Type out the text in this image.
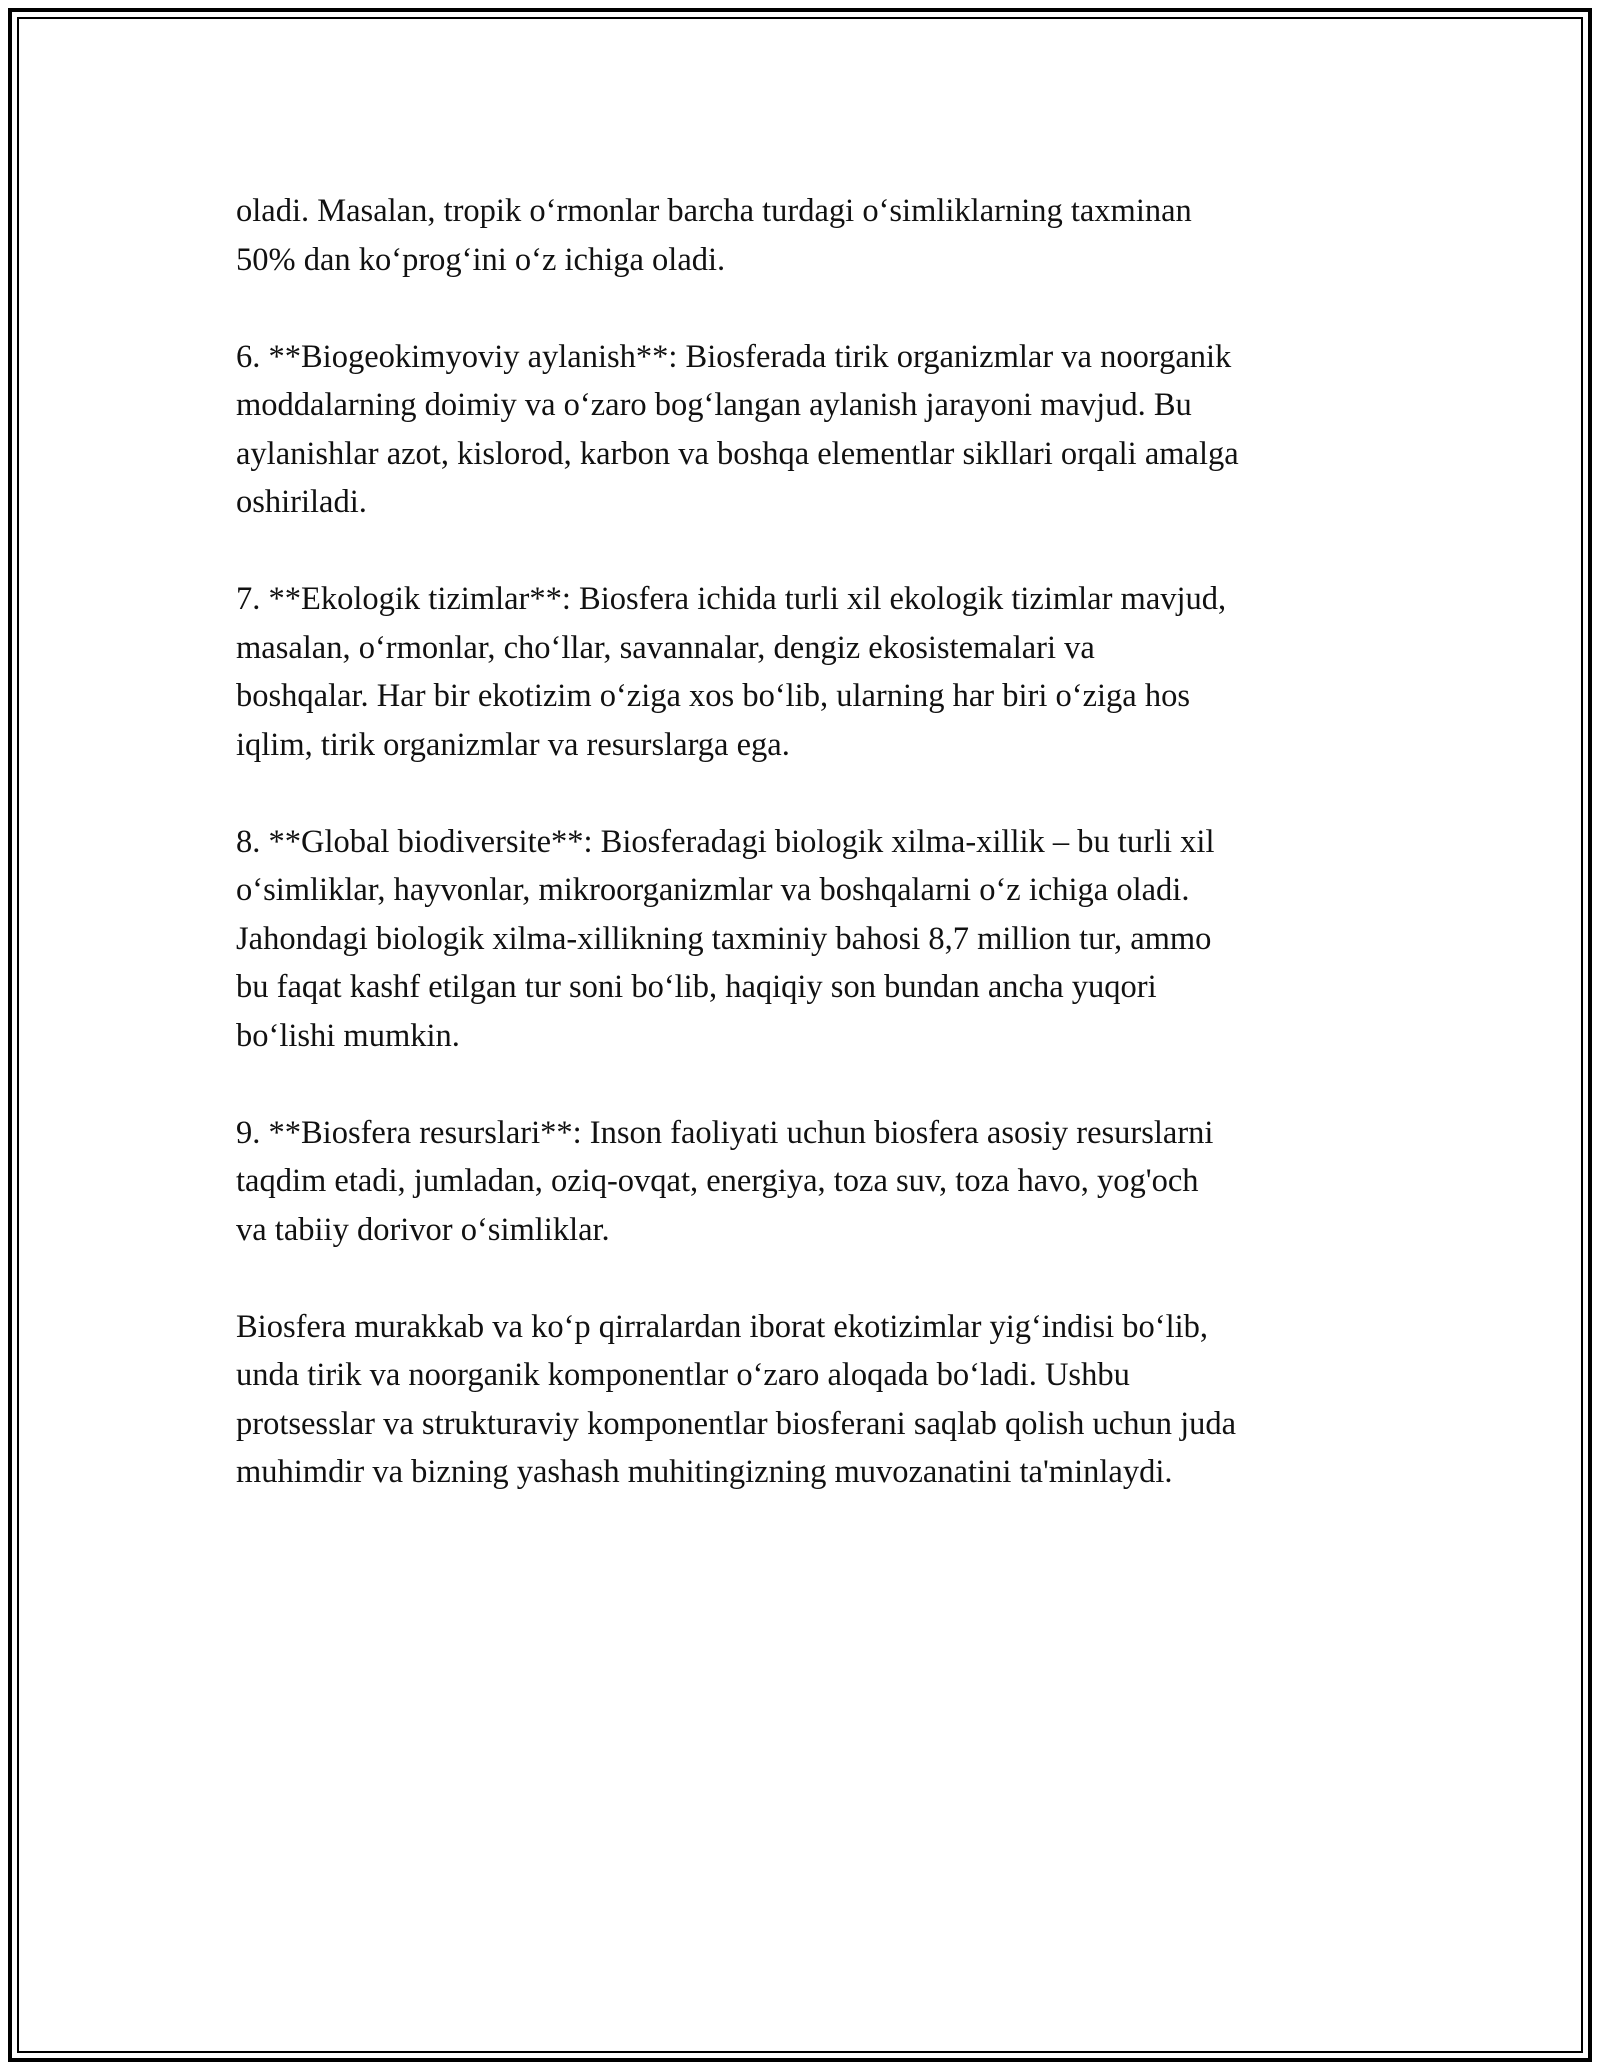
oladi. Masalan, tropik o‘rmonlar barcha turdagi o‘simliklarning taxminan
50% dan ko‘prog‘ini o‘z ichiga oladi.

6. **Biogeokimyoviy aylanish**: Biosferada tirik organizmlar va noorganik
moddalarning doimiy va o‘zaro bog‘langan aylanish jarayoni mavjud. Bu
aylanishlar azot, kislorod, karbon va boshqa elementlar sikllari orqali amalga
oshiriladi.

7. **Ekologik tizimlar**: Biosfera ichida turli xil ekologik tizimlar mavjud,
masalan, o‘rmonlar, cho‘llar, savannalar, dengiz ekosistemalari va
boshqalar. Har bir ekotizim o‘ziga xos bo‘lib, ularning har biri o‘ziga hos
iqlim, tirik organizmlar va resurslarga ega.

8. **Global biodiversite**: Biosferadagi biologik xilma-xillik – bu turli xil
o‘simliklar, hayvonlar, mikroorganizmlar va boshqalarni o‘z ichiga oladi.
Jahondagi biologik xilma-xillikning taxminiy bahosi 8,7 million tur, ammo
bu faqat kashf etilgan tur soni bo‘lib, haqiqiy son bundan ancha yuqori
bo‘lishi mumkin.

9. **Biosfera resurslari**: Inson faoliyati uchun biosfera asosiy resurslarni
taqdim etadi, jumladan, oziq-ovqat, energiya, toza suv, toza havo, yog'och
va tabiiy dorivor o‘simliklar.

Biosfera murakkab va ko‘p qirralardan iborat ekotizimlar yig‘indisi bo‘lib,
unda tirik va noorganik komponentlar o‘zaro aloqada bo‘ladi. Ushbu
protsesslar va strukturaviy komponentlar biosferani saqlab qolish uchun juda
muhimdir va bizning yashash muhitingizning muvozanatini ta'minlaydi.
